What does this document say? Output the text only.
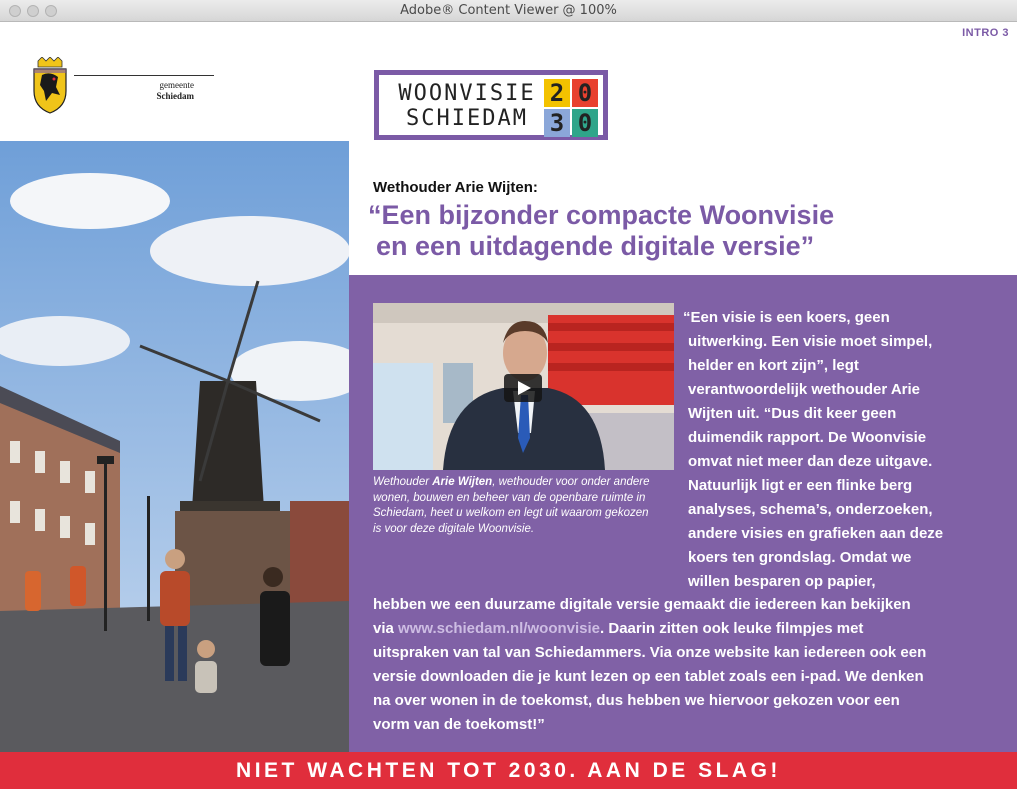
Adobe® Content Viewer @ 100%
INTRO 3
gemeente
Schiedam	WOONVISIE
SCHIEDAM
2 0
3 0
Wethouder Arie Wijten:
“Een bijzonder compacte Woonvisie
en een uitdagende digitale versie”
Wethouder Arie Wijten, wethouder voor onder andere wonen, bouwen en beheer van de openbare ruimte in Schiedam, heet u welkom en legt uit waarom gekozen is voor deze digitale Woonvisie.
“Een visie is een koers, geen
uitwerking. Een visie moet simpel,
helder en kort zijn”, legt
verantwoordelijk wethouder Arie
Wijten uit. “Dus dit keer geen
duimendik rapport. De Woonvisie
omvat niet meer dan deze uitgave.
Natuurlijk ligt er een flinke berg
analyses, schema’s, onderzoeken,
andere visies en grafieken aan deze
koers ten grondslag. Omdat we
willen besparen op papier,
hebben we een duurzame digitale versie gemaakt die iedereen kan bekijken
via www.schiedam.nl/woonvisie. Daarin zitten ook leuke filmpjes met
uitspraken van tal van Schiedammers. Via onze website kan iedereen ook een
versie downloaden die je kunt lezen op een tablet zoals een i-pad. We denken
na over wonen in de toekomst, dus hebben we hiervoor gekozen voor een
vorm van de toekomst!”
NIET WACHTEN TOT 2030. AAN DE SLAG!
